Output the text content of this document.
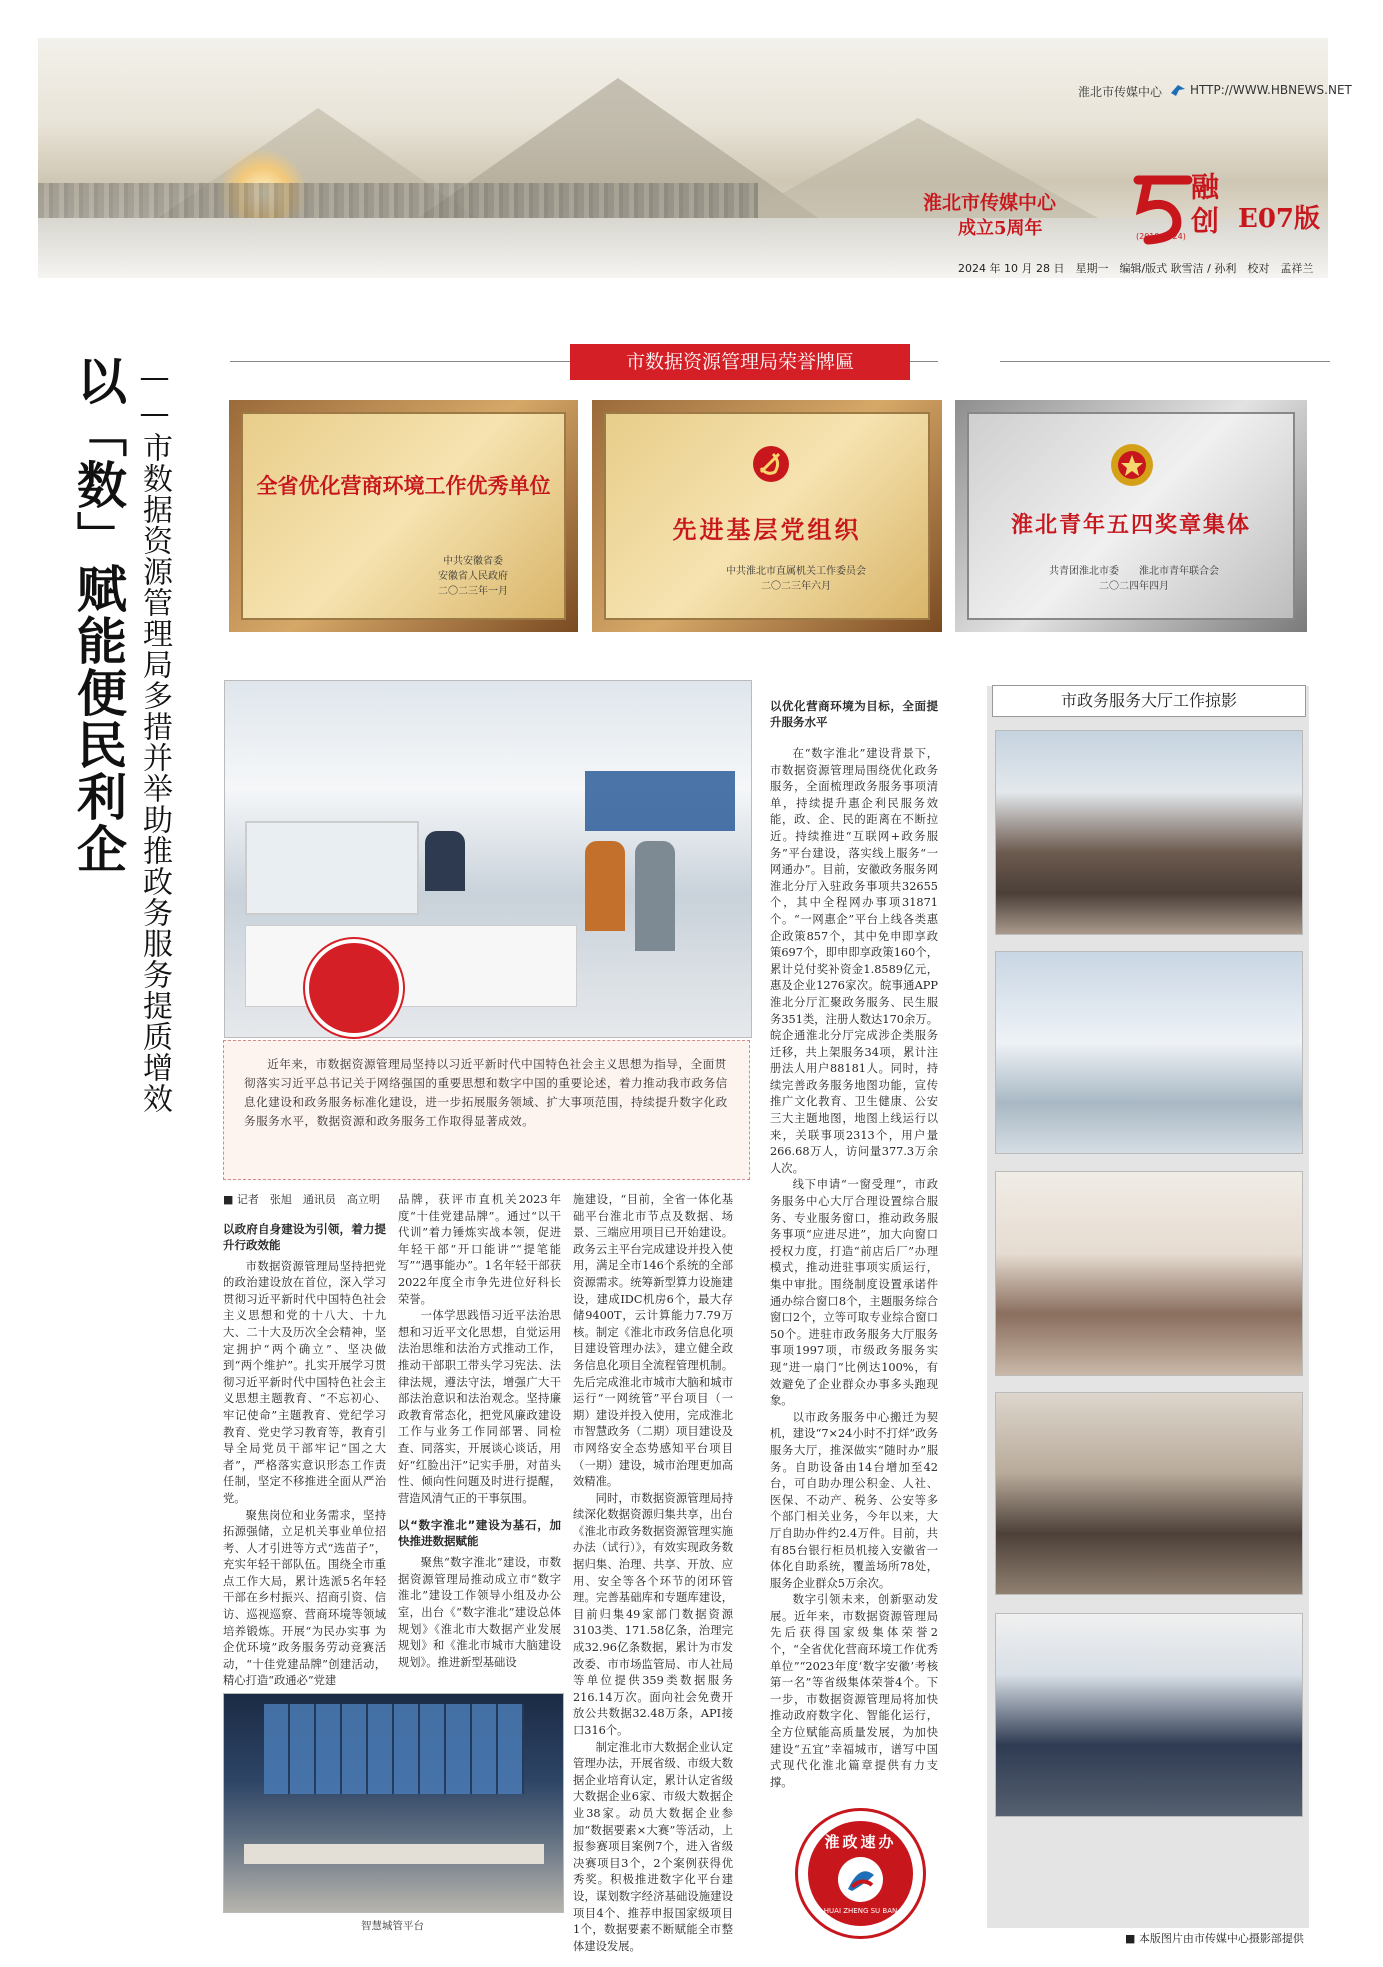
淮北市传媒中心 HTTP://WWW.HBNEWS.NET
淮北市传媒中心
成立5周年	融创
(2019-2024)
E07版
2024 年 10 月 28 日　星期一　编辑/版式 耿雪洁 / 孙利　校对　孟祥兰
以「数」赋能便民利企 ——市数据资源管理局多措并举助推政务服务提质增效	市数据资源管理局荣誉牌匾
全省优化营商环境工作优秀单位
中共安徽省委
安徽省人民政府
二〇二三年一月
先进基层党组织
中共淮北市直属机关工作委员会
二〇二三年六月
淮北青年五四奖章集体
共青团淮北市委　　淮北市青年联合会
二〇二四年四月

近年来，市数据资源管理局坚持以习近平新时代中国特色社会主义思想为指导，全面贯彻落实习近平总书记关于网络强国的重要思想和数字中国的重要论述，着力推动我市政务信息化建设和政务服务标准化建设，进一步拓展服务领域、扩大事项范围，持续提升数字化政务服务水平，数据资源和政务服务工作取得显著成效。

■ 记者　张旭　通讯员　高立明
以政府自身建设为引领，着力提升行政效能

市数据资源管理局坚持把党的政治建设放在首位，深入学习贯彻习近平新时代中国特色社会主义思想和党的十八大、十九大、二十大及历次全会精神，坚定拥护“两个确立”、坚决做到“两个维护”。扎实开展学习贯彻习近平新时代中国特色社会主义思想主题教育、“不忘初心、牢记使命”主题教育、党纪学习教育、党史学习教育等，教育引导全局党员干部牢记“国之大者”，严格落实意识形态工作责任制，坚定不移推进全面从严治党。

聚焦岗位和业务需求，坚持拓源强储，立足机关事业单位招考、人才引进等方式“选苗子”，充实年轻干部队伍。围绕全市重点工作大局，累计选派5名年轻干部在乡村振兴、招商引资、信访、巡视巡察、营商环境等领域培养锻炼。开展“为民办实事 为企优环境”政务服务劳动竞赛活动，“十佳党建品牌”创建活动，精心打造“政通必”党建

品牌，获评市直机关2023年度“十佳党建品牌”。通过“以干代训”着力锤炼实战本领，促进年轻干部“开口能讲”“提笔能写”“遇事能办”。1名年轻干部获2022年度全市争先进位好科长荣誉。

一体学思践悟习近平法治思想和习近平文化思想，自觉运用法治思维和法治方式推动工作，推动干部职工带头学习宪法、法律法规，遵法守法，增强广大干部法治意识和法治观念。坚持廉政教育常态化，把党风廉政建设工作与业务工作同部署、同检查、同落实，开展谈心谈话，用好“红脸出汗”记实手册，对苗头性、倾向性问题及时进行提醒，营造风清气正的干事氛围。

以“数字淮北”建设为基石，加快推进数据赋能

聚焦“数字淮北”建设，市数据资源管理局推动成立市“数字淮北”建设工作领导小组及办公室，出台《“数字淮北”建设总体规划》《淮北市大数据产业发展规划》和《淮北市城市大脑建设规划》。推进新型基础设

智慧城管平台

施建设，“目前，全省一体化基础平台淮北市节点及数据、场景、三端应用项目已开始建设。政务云主平台完成建设并投入使用，满足全市146个系统的全部资源需求。统筹新型算力设施建设，建成IDC机房6个，最大存储9400T，云计算能力7.79万核。制定《淮北市政务信息化项目建设管理办法》，建立健全政务信息化项目全流程管理机制。先后完成淮北市城市大脑和城市运行“一网统管”平台项目（一期）建设并投入使用，完成淮北市智慧政务（二期）项目建设及市网络安全态势感知平台项目（一期）建设，城市治理更加高效精准。

同时，市数据资源管理局持续深化数据资源归集共享，出台《淮北市政务数据资源管理实施办法（试行）》，有效实现政务数据归集、治理、共享、开放、应用、安全等各个环节的闭环管理。完善基础库和专题库建设，目前归集49家部门数据资源3103类、171.58亿条，治理完成32.96亿条数据，累计为市发改委、市市场监管局、市人社局等单位提供359类数据服务216.14万次。面向社会免费开放公共数据32.48万条，API接口316个。

制定淮北市大数据企业认定管理办法，开展省级、市级大数据企业培育认定，累计认定省级大数据企业6家、市级大数据企业38家。动员大数据企业参加“数据要素×大赛”等活动，上报参赛项目案例7个，进入省级决赛项目3个，2个案例获得优秀奖。积极推进数字化平台建设，谋划数字经济基础设施建设项目4个、推荐申报国家级项目1个，数据要素不断赋能全市整体建设发展。

以优化营商环境为目标，全面提升服务水平

在“数字淮北”建设背景下，市数据资源管理局围绕优化政务服务，全面梳理政务服务事项清单，持续提升惠企利民服务效能，政、企、民的距离在不断拉近。持续推进“互联网+政务服务”平台建设，落实线上服务“一网通办”。目前，安徽政务服务网淮北分厅入驻政务事项共32655个，其中全程网办事项31871个。“一网惠企”平台上线各类惠企政策857个，其中免申即享政策697个，即申即享政策160个，累计兑付奖补资金1.8589亿元，惠及企业1276家次。皖事通APP淮北分厅汇聚政务服务、民生服务351类，注册人数达170余万。皖企通淮北分厅完成涉企类服务迁移，共上架服务34项，累计注册法人用户88181人。同时，持续完善政务服务地图功能，宣传推广文化教育、卫生健康、公安三大主题地图，地图上线运行以来，关联事项2313个，用户量266.68万人，访问量377.3万余人次。

线下申请“一窗受理”，市政务服务中心大厅合理设置综合服务、专业服务窗口，推动政务服务事项“应进尽进”，加大向窗口授权力度，打造“前店后厂”办理模式，推动进驻事项实质运行，集中审批。围绕制度设置承诺件通办综合窗口8个，主题服务综合窗口2个，立等可取专业综合窗口50个。进驻市政务服务大厅服务事项1997项，市级政务服务实现“进一扇门”比例达100%，有效避免了企业群众办事多头跑现象。

以市政务服务中心搬迁为契机，建设“7×24小时不打烊”政务服务大厅，推深做实“随时办”服务。自助设备由14台增加至42台，可自助办理公积金、人社、医保、不动产、税务、公安等多个部门相关业务，今年以来，大厅自助办件约2.4万件。目前，共有85台银行柜员机接入安徽省一体化自助系统，覆盖场所78处，服务企业群众5万余次。

数字引领未来，创新驱动发展。近年来，市数据资源管理局先后获得国家级集体荣誉2个，“全省优化营商环境工作优秀单位”“2023年度‘数字安徽’考核第一名”等省级集体荣誉4个。下一步，市数据资源管理局将加快推动政府数字化、智能化运行，全方位赋能高质量发展，为加快建设“五宜”幸福城市，谱写中国式现代化淮北篇章提供有力支撑。

淮政速办
HUAI ZHENG SU BAN
市政务服务大厅工作掠影
■ 本版图片由市传媒中心摄影部提供
